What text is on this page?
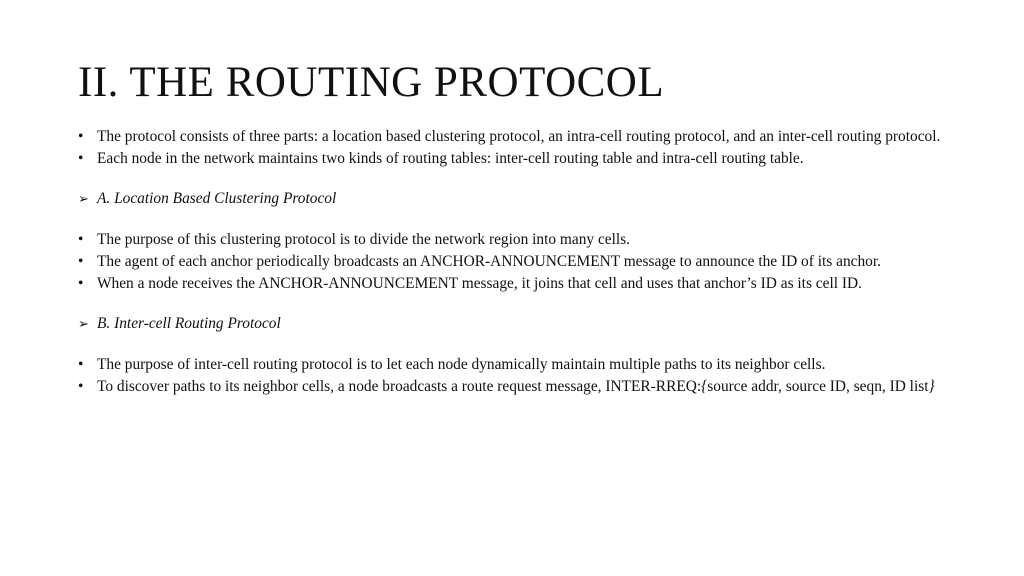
II. THE ROUTING PROTOCOL
• The protocol consists of three parts: a location based clustering protocol, an intra-cell routing protocol, and an inter-cell routing protocol.
• Each node in the network maintains two kinds of routing tables: inter-cell routing table and intra-cell routing table.
➢ A. Location Based Clustering Protocol
• The purpose of this clustering protocol is to divide the network region into many cells.
• The agent of each anchor periodically broadcasts an ANCHOR-ANNOUNCEMENT message to announce the ID of its anchor.
• When a node receives the ANCHOR-ANNOUNCEMENT message, it joins that cell and uses that anchor’s ID as its cell ID.
➢ B. Inter-cell Routing Protocol
• The purpose of inter-cell routing protocol is to let each node dynamically maintain multiple paths to its neighbor cells.
• To discover paths to its neighbor cells, a node broadcasts a route request message, INTER-RREQ:{source addr, source ID, seqn, ID list}
